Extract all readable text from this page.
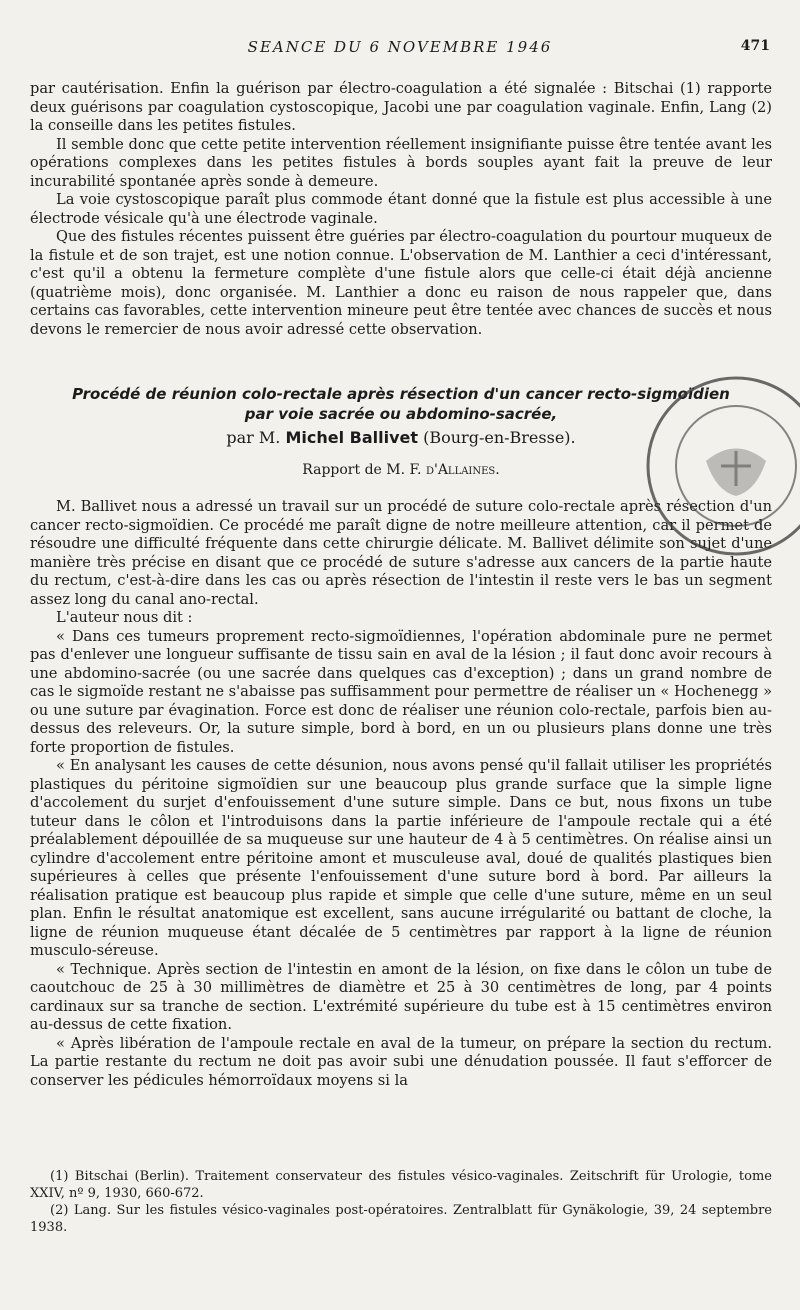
SEANCE DU 6 NOVEMBRE 1946	471

par cautérisation. Enfin la guérison par électro-coagulation a été signalée : Bitschai (1) rapporte deux guérisons par coagulation cystoscopique, Jacobi une par coagulation vaginale. Enfin, Lang (2) la conseille dans les petites fistules.

Il semble donc que cette petite intervention réellement insignifiante puisse être tentée avant les opérations complexes dans les petites fistules à bords souples ayant fait la preuve de leur incurabilité spontanée après sonde à demeure.

La voie cystoscopique paraît plus commode étant donné que la fistule est plus accessible à une électrode vésicale qu'à une électrode vaginale.

Que des fistules récentes puissent être guéries par électro-coagulation du pourtour muqueux de la fistule et de son trajet, est une notion connue. L'observation de M. Lanthier a ceci d'intéressant, c'est qu'il a obtenu la fermeture complète d'une fistule alors que celle-ci était déjà ancienne (quatrième mois), donc organisée. M. Lanthier a donc eu raison de nous rappeler que, dans certains cas favorables, cette intervention mineure peut être tentée avec chances de succès et nous devons le remercier de nous avoir adressé cette observation.

Procédé de réunion colo-rectale après résection d'un cancer recto-sigmoïdien
par voie sacrée ou abdomino-sacrée,
par M. Michel Ballivet (Bourg-en-Bresse).
Rapport de M. F. d'Allaines.

M. Ballivet nous a adressé un travail sur un procédé de suture colo-rectale après résection d'un cancer recto-sigmoïdien. Ce procédé me paraît digne de notre meilleure attention, car il permet de résoudre une difficulté fréquente dans cette chirurgie délicate. M. Ballivet délimite son sujet d'une manière très précise en disant que ce procédé de suture s'adresse aux cancers de la partie haute du rectum, c'est-à-dire dans les cas ou après résection de l'intestin il reste vers le bas un segment assez long du canal ano-rectal.

L'auteur nous dit :

« Dans ces tumeurs proprement recto-sigmoïdiennes, l'opération abdominale pure ne permet pas d'enlever une longueur suffisante de tissu sain en aval de la lésion ; il faut donc avoir recours à une abdomino-sacrée (ou une sacrée dans quelques cas d'exception) ; dans un grand nombre de cas le sigmoïde restant ne s'abaisse pas suffisamment pour permettre de réaliser un « Hochenegg » ou une suture par évagination. Force est donc de réaliser une réunion colo-rectale, parfois bien au-dessus des releveurs. Or, la suture simple, bord à bord, en un ou plusieurs plans donne une très forte proportion de fistules.

« En analysant les causes de cette désunion, nous avons pensé qu'il fallait utiliser les propriétés plastiques du péritoine sigmoïdien sur une beaucoup plus grande surface que la simple ligne d'accolement du surjet d'enfouissement d'une suture simple. Dans ce but, nous fixons un tube tuteur dans le côlon et l'introduisons dans la partie inférieure de l'ampoule rectale qui a été préalablement dépouillée de sa muqueuse sur une hauteur de 4 à 5 centimètres. On réalise ainsi un cylindre d'accolement entre péritoine amont et musculeuse aval, doué de qualités plastiques bien supérieures à celles que présente l'enfouissement d'une suture bord à bord. Par ailleurs la réalisation pratique est beaucoup plus rapide et simple que celle d'une suture, même en un seul plan. Enfin le résultat anatomique est excellent, sans aucune irrégularité ou battant de cloche, la ligne de réunion muqueuse étant décalée de 5 centimètres par rapport à la ligne de réunion musculo-séreuse.

« Technique. Après section de l'intestin en amont de la lésion, on fixe dans le côlon un tube de caoutchouc de 25 à 30 millimètres de diamètre et 25 à 30 centimètres de long, par 4 points cardinaux sur sa tranche de section. L'extrémité supérieure du tube est à 15 centimètres environ au-dessus de cette fixation.

« Après libération de l'ampoule rectale en aval de la tumeur, on prépare la section du rectum. La partie restante du rectum ne doit pas avoir subi une dénudation poussée. Il faut s'efforcer de conserver les pédicules hémorroïdaux moyens si la

(1) Bitschai (Berlin). Traitement conservateur des fistules vésico-vaginales. Zeitschrift für Urologie, tome XXIV, nº 9, 1930, 660-672.

(2) Lang. Sur les fistules vésico-vaginales post-opératoires. Zentralblatt für Gynäkologie, 39, 24 septembre 1938.
